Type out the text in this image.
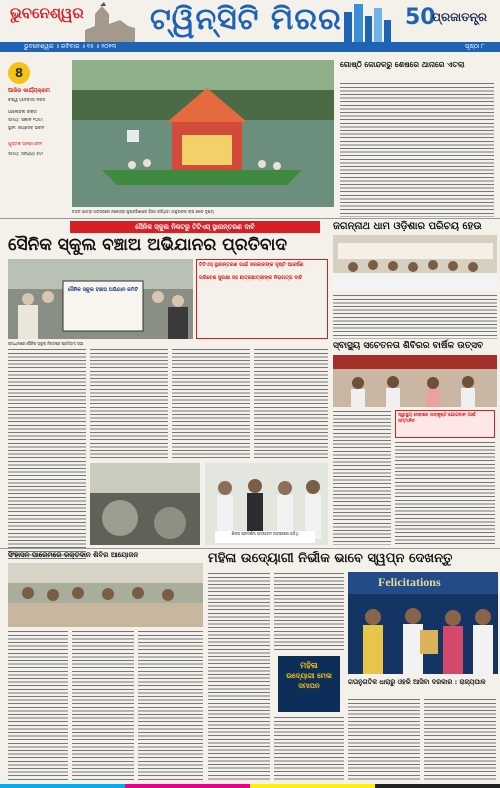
ଭୁବନେଶ୍ୱର ଟ୍ୱିନ୍‌ସିଟି ମିରର	50
ପ୍ରଜାତନ୍ତ୍ର
ଭୁବନେଶ୍ୱର ॥ ରବିବାର ॥ ୧୫ ॥ ୨୦୨୩	ପୃଷ୍ଠା ୮
8
ଆଜିର କାର୍ଯ୍ୟକ୍ରମ
ବିଶ୍ୱ ଆଦିବାସୀ ଦିବସ
ଆଲୋଚନା ଚକ୍ର
ସମୟ: ସକାଳ ୧୦ଟା
ସ୍ଥାନ: ଜୟଦେବ ଭବନ
ପୁସ୍ତକ ଉନ୍ମୋଚନ
ସମୟ: ସନ୍ଧ୍ୟା ୫ଟା
ଚନ୍ଦନ ଯାତ୍ରା ଅବସରରେ ନରେନ୍ଦ୍ର ପୁଷ୍କରିଣୀରେ ବିଜେ କରିଥିବା ଠାକୁରଙ୍କ ଚାପ ଖେଳ ଦୃଶ୍ୟ
ଗୋଷ୍ଠି କୋନ୍ଦଳରୁ ଶେଷରେ ଥାନାରେ ଏତଲା
ସୈନିକ ସ୍କୁଲ ନିକଟରୁ ଟିଟିଏସ୍ ସ୍ଥାନାନ୍ତରଣ ଦାବି
ସୈନିକ ସ୍କୁଲ ବଞ୍ଚାଅ ଅଭିଯାନର ପ୍ରତିବାଦ
ସୈନିକ ସ୍କୁଲ ବଞ୍ଚାଅ ଅଭିଯାନ କମିଟି
ରାଜଧାନୀରେ ସୈନିକ ସ୍କୁଲ ନିକଟରେ ପ୍ରତିବାଦ ସଭା
ଟିଟିଏସ୍ ସ୍ଥାନାନ୍ତରଣ ପାଇଁ ସରକାରଙ୍କ ଦୃଷ୍ଟି ଆକର୍ଷଣ
ପରିବେଶ ସୁରକ୍ଷା ସହ ଛାତ୍ରଛାତ୍ରୀଙ୍କ ନିରାପତ୍ତା ଦାବି
ଶିଳ୍ପ ପ୍ରଦର୍ଶନୀ ଉଦ୍‌ଘାଟନ ଅବସରରେ ଅତିଥି
ଜଗନ୍ନାଥ ଧାମ ଓଡ଼ିଶାର ପରିଚୟ ହେଉ
ସ୍ବାସ୍ଥ୍ୟ ସଚେତନତା ଶିବିରର ବାର୍ଷିକ ଉତ୍ସବ
ସ୍ୱାସ୍ଥ୍ୟ ସେବାରେ ଉତ୍କୃଷ୍ଟ ଯୋଗଦାନ ପାଇଁ ସମ୍ମାନିତ
ସିଂହାସନ ପାରେମରେ ରକ୍ତଦାନ ଶିବିର ଆୟୋଜନ	ମହିଳା ଉଦ୍ୟୋଗୀ ନିର୍ଭୀକ ଭାବେ ସ୍ୱପ୍ନ ଦେଖନ୍ତୁ
Felicitations
ମହିଳା
ଉଦ୍ୟୋଗୀ ମେଳା
ସମାପନ	ଗତାନୁଗତିକ ଧାରାରୁ ଓହରି ଆସିବା ଦରକାର : ରାଜ୍ୟପାଳ
